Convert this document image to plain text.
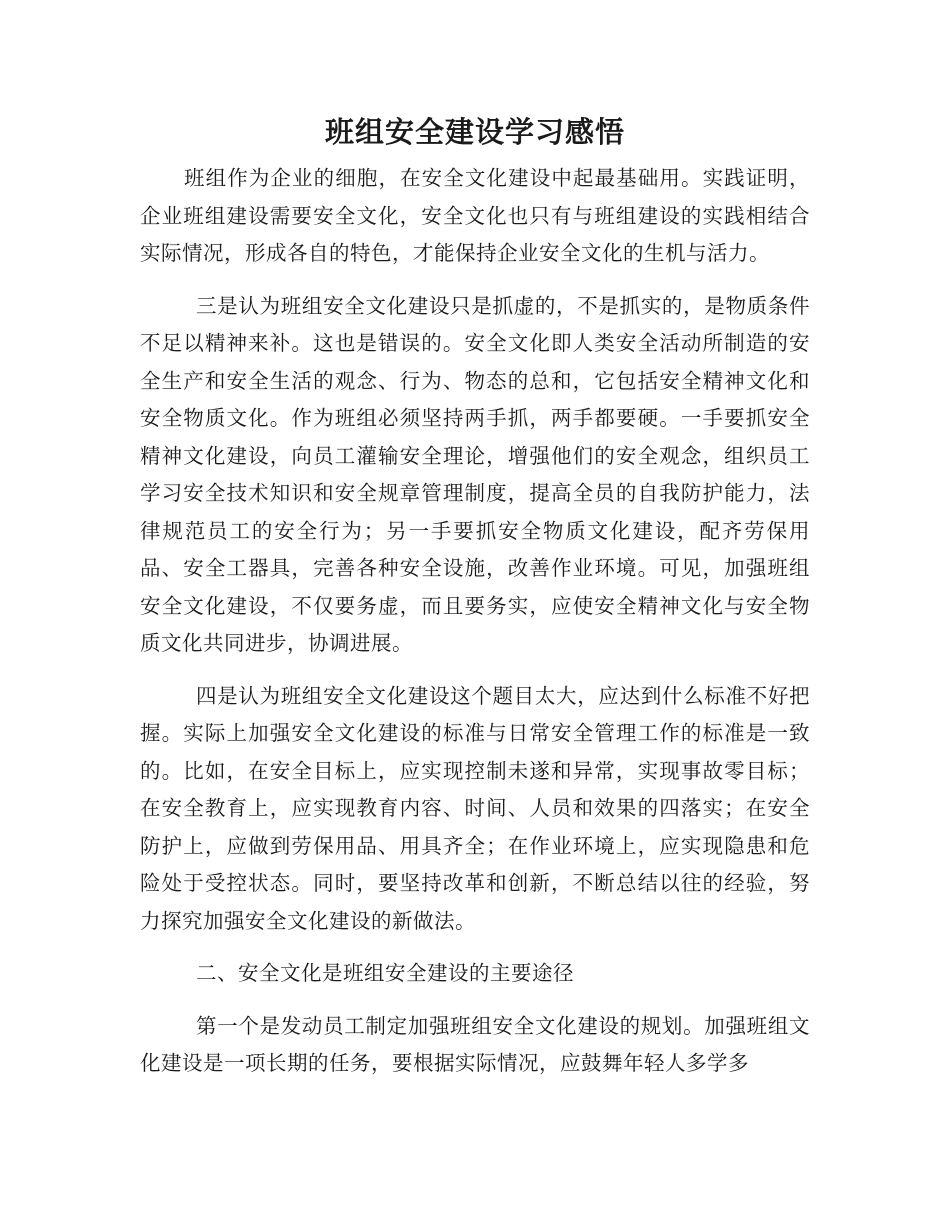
班组安全建设学习感悟

班组作为企业的细胞，在安全文化建设中起最基础用。实践证明，企业班组建设需要安全文化，安全文化也只有与班组建设的实践相结合实际情况，形成各自的特色，才能保持企业安全文化的生机与活力。

三是认为班组安全文化建设只是抓虚的，不是抓实的，是物质条件不足以精神来补。这也是错误的。安全文化即人类安全活动所制造的安全生产和安全生活的观念、行为、物态的总和，它包括安全精神文化和安全物质文化。作为班组必须坚持两手抓，两手都要硬。一手要抓安全精神文化建设，向员工灌输安全理论，增强他们的安全观念，组织员工学习安全技术知识和安全规章管理制度，提高全员的自我防护能力，法律规范员工的安全行为；另一手要抓安全物质文化建设，配齐劳保用品、安全工器具，完善各种安全设施，改善作业环境。可见，加强班组安全文化建设，不仅要务虚，而且要务实，应使安全精神文化与安全物质文化共同进步，协调进展。

四是认为班组安全文化建设这个题目太大，应达到什么标准不好把握。实际上加强安全文化建设的标准与日常安全管理工作的标准是一致的。比如，在安全目标上，应实现控制未遂和异常，实现事故零目标；在安全教育上，应实现教育内容、时间、人员和效果的四落实；在安全防护上，应做到劳保用品、用具齐全；在作业环境上，应实现隐患和危险处于受控状态。同时，要坚持改革和创新，不断总结以往的经验，努力探究加强安全文化建设的新做法。

二、安全文化是班组安全建设的主要途径

第一个是发动员工制定加强班组安全文化建设的规划。加强班组文化建设是一项长期的任务，要根据实际情况，应鼓舞年轻人多学多
